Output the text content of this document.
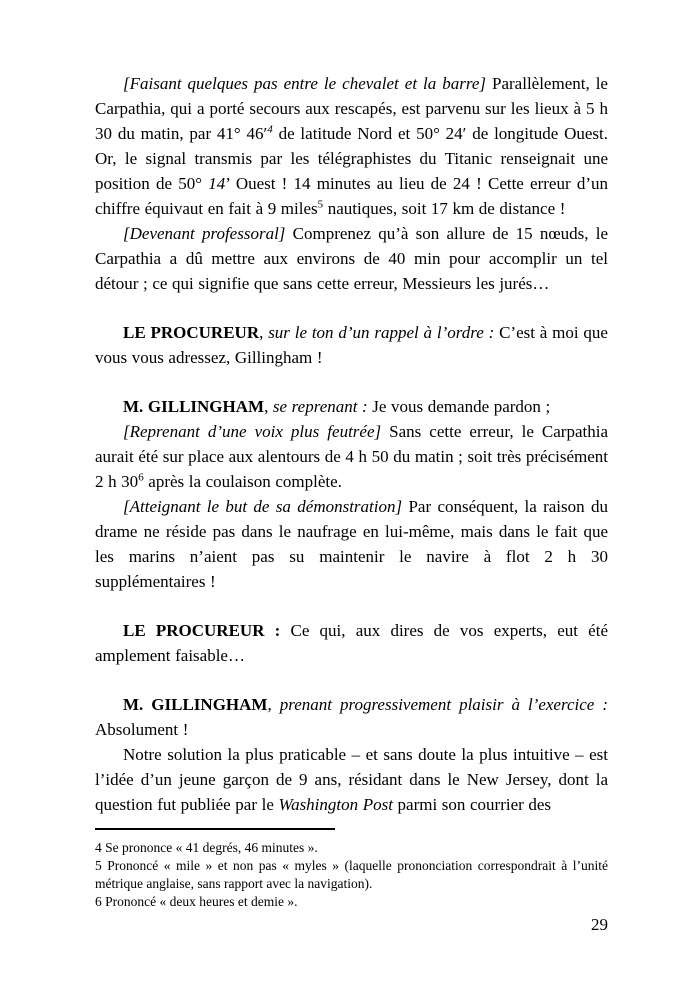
[Faisant quelques pas entre le chevalet et la barre] Parallèlement, le Carpathia, qui a porté secours aux rescapés, est parvenu sur les lieux à 5 h 30 du matin, par 41° $46'^4$ de latitude Nord et 50° 24′ de longitude Ouest. Or, le signal transmis par les télégraphistes du Titanic renseignait une position de 50° 14’ Ouest ! 14 minutes au lieu de 24 ! Cette erreur d’un chiffre équivaut en fait à 9 miles$^5$ nautiques, soit 17 km de distance !

[Devenant professoral] Comprenez qu’à son allure de 15 nœuds, le Carpathia a dû mettre aux environs de 40 min pour accomplir un tel détour ; ce qui signifie que sans cette erreur, Messieurs les jurés…

LE PROCUREUR, sur le ton d’un rappel à l’ordre : C’est à moi que vous vous adressez, Gillingham !

M. GILLINGHAM, se reprenant : Je vous demande pardon ;

[Reprenant d’une voix plus feutrée] Sans cette erreur, le Carpathia aurait été sur place aux alentours de 4 h 50 du matin ; soit très précisément 2 h $30^6$ après la coulaison complète.

[Atteignant le but de sa démonstration] Par conséquent, la raison du drame ne réside pas dans le naufrage en lui-même, mais dans le fait que les marins n’aient pas su maintenir le navire à flot 2 h 30 supplémentaires !

LE PROCUREUR : Ce qui, aux dires de vos experts, eut été amplement faisable…

M. GILLINGHAM, prenant progressivement plaisir à l’exercice : Absolument !

Notre solution la plus praticable – et sans doute la plus intuitive – est l’idée d’un jeune garçon de 9 ans, résidant dans le New Jersey, dont la question fut publiée par le Washington Post parmi son courrier des

4 Se prononce « 41 degrés, 46 minutes ».

5 Prononcé « mile » et non pas « myles » (laquelle prononciation correspondrait à l’unité métrique anglaise, sans rapport avec la navigation).

6 Prononcé « deux heures et demie ».

29
